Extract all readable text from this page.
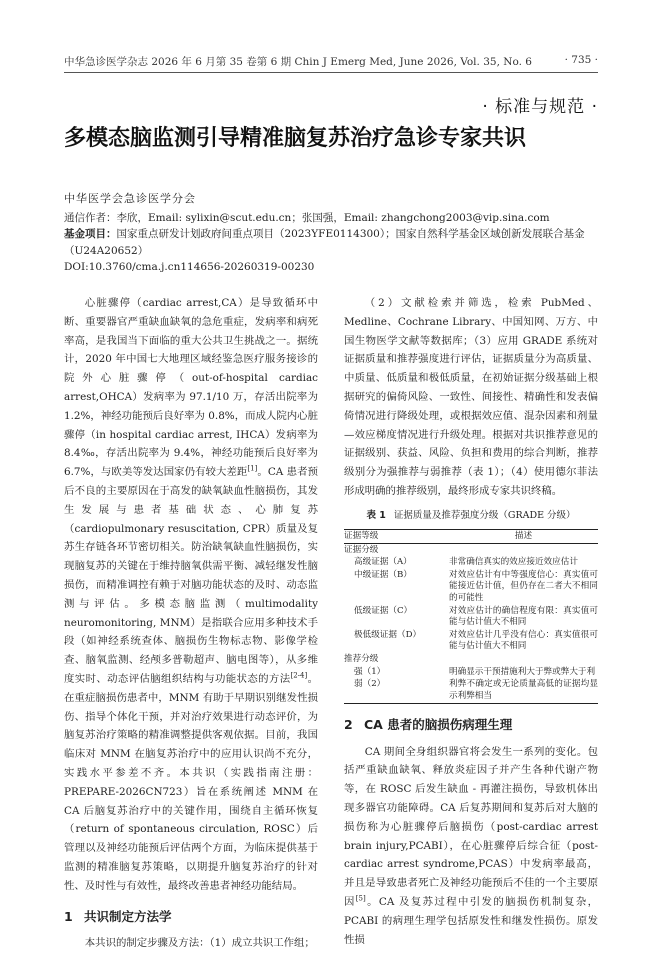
中华急诊医学杂志 2026 年 6 月第 35 卷第 6 期 Chin J Emerg Med, June 2026, Vol. 35, No. 6	· 735 ·
· 标准与规范 ·
多模态脑监测引导精准脑复苏治疗急诊专家共识
中华医学会急诊医学分会
通信作者：李欣，Email: sylixin@scut.edu.cn；张国强，Email: zhangchong2003@vip.sina.com
基金项目：国家重点研发计划政府间重点项目（2023YFE0114300）；国家自然科学基金区域创新发展联合基金（U24A20652）
DOI:10.3760/cma.j.cn114656-20260319-00230

心脏骤停（cardiac arrest,CA）是导致循环中断、重要器官严重缺血缺氧的急危重症，发病率和病死率高，是我国当下面临的重大公共卫生挑战之一。据统计，2020 年中国七大地理区域经鉴急医疗服务接诊的院外心脏骤停（out-of-hospital cardiac arrest,OHCA）发病率为 97.1/10 万，存活出院率为 1.2%，神经功能预后良好率为 0.8%，而成人院内心脏骤停（in hospital cardiac arrest, IHCA）发病率为 8.4‰，存活出院率为 9.4%，神经功能预后良好率为 6.7%，与欧美等发达国家仍有较大差距[1]。CA 患者预后不良的主要原因在于高发的缺氧缺血性脑损伤，其发生发展与患者基础状态、心肺复苏（cardiopulmonary resuscitation, CPR）质量及复苏生存链各环节密切相关。防治缺氧缺血性脑损伤，实现脑复苏的关键在于维持脑氧供需平衡、减轻继发性脑损伤，而精准调控有赖于对脑功能状态的及时、动态监测与评估。多模态脑监测（multimodality neuromonitoring, MNM）是指联合应用多种技术手段（如神经系统查体、脑损伤生物标志物、影像学检查、脑氧监测、经颅多普勒超声、脑电图等），从多维度实时、动态评估脑组织结构与功能状态的方法[2-4]。在重症脑损伤患者中，MNM 有助于早期识别继发性损伤、指导个体化干预，并对治疗效果进行动态评价，为脑复苏治疗策略的精准调整提供客观依据。目前，我国临床对 MNM 在脑复苏治疗中的应用认识尚不充分，实践水平参差不齐。本共识（实践指南注册：PREPARE-2026CN723）旨在系统阐述 MNM 在 CA 后脑复苏治疗中的关键作用，围绕自主循环恢复（return of spontaneous circulation, ROSC）后管理以及神经功能预后评估两个方面，为临床提供基于监测的精准脑复苏策略，以期提升脑复苏治疗的针对性、及时性与有效性，最终改善患者神经功能结局。

1 共识制定方法学

本共识的制定步骤及方法：（1）成立共识工作组；

（2）文献检索并筛选，检索 PubMed、Medline、Cochrane Library、中国知网、万方、中国生物医学文献等数据库；（3）应用 GRADE 系统对证据质量和推荐强度进行评估，证据质量分为高质量、中质量、低质量和极低质量，在初始证据分级基础上根据研究的偏倚风险、一致性、间接性、精确性和发表偏倚情况进行降级处理，或根据效应值、混杂因素和剂量—效应梯度情况进行升级处理。根据对共识推荐意见的证据级别、获益、风险、负担和费用的综合判断，推荐级别分为强推荐与弱推荐（表 1）；（4）使用德尔菲法形成明确的推荐级别，最终形成专家共识终稿。

表 1 证据质量及推荐强度分级（GRADE 分级）
证据等级	描述
证据分级	
高级证据（A）	非常确信真实的效应接近效应估计
中级证据（B）	对效应估计有中等强度信心：真实值可能接近估计值，但仍存在二者大不相同的可能性
低级证据（C）	对效应估计的确信程度有限：真实值可能与估计值大不相同
极低级证据（D）	对效应估计几乎没有信心：真实值很可能与估计值大不相同
推荐分级	
强（1）	明确显示干预措施利大于弊或弊大于利
弱（2）	利弊不确定或无论质量高低的证据均显示利弊相当
2 CA 患者的脑损伤病理生理

CA 期间全身组织器官将会发生一系列的变化。包括严重缺血缺氧、释放炎症因子并产生各种代谢产物等，在 ROSC 后发生缺血 - 再灌注损伤，导致机体出现多器官功能障碍。CA 后复苏期间和复苏后对大脑的损伤称为心脏骤停后脑损伤（post-cardiac arrest brain injury,PCABI），在心脏骤停后综合征（post-cardiac arrest syndrome,PCAS）中发病率最高，并且是导致患者死亡及神经功能预后不佳的一个主要原因[5]。CA 及复苏过程中引发的脑损伤机制复杂，PCABI 的病理生理学包括原发性和继发性损伤。原发性损
